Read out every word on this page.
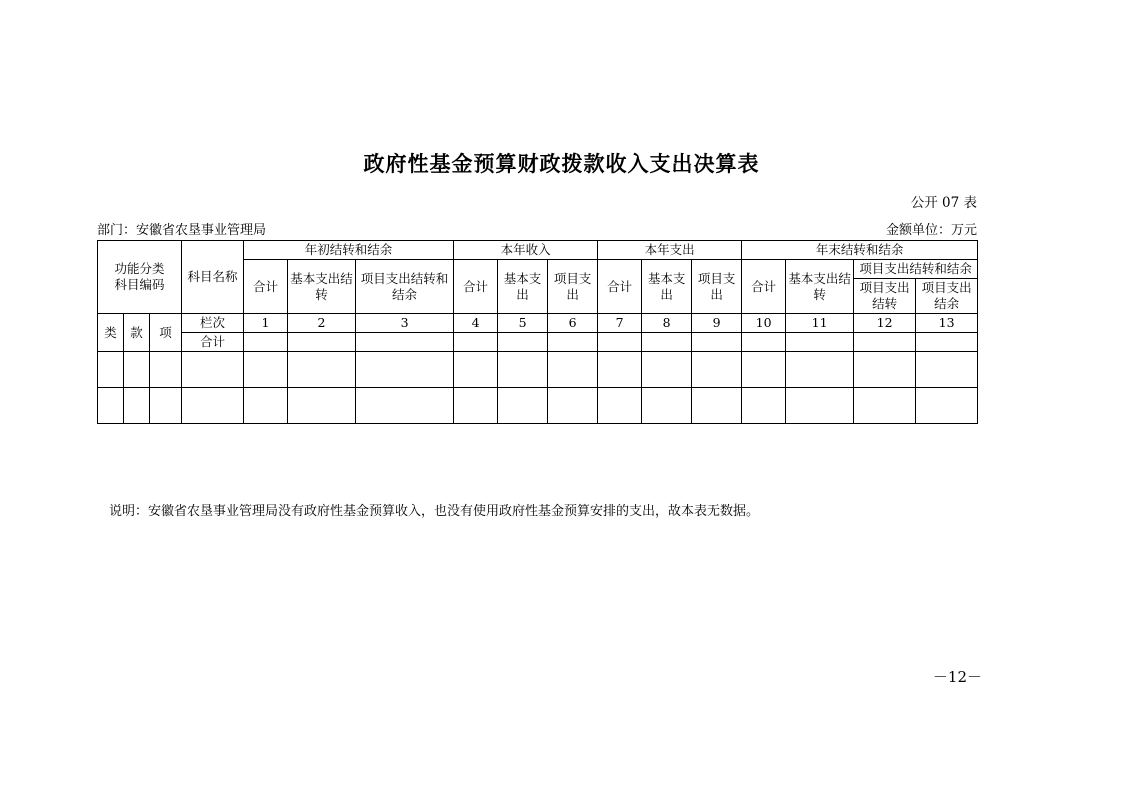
政府性基金预算财政拨款收入支出决算表
公开 07 表
部门：安徽省农垦事业管理局	金额单位：万元
功能分类
科目编码			科目名称	年初结转和结余			本年收入			本年支出			年末结转和结余			
				合计	基本支出结转	项目支出结转和结余	合计	基本支出	项目支出	合计	基本支出	项目支出	合计	基本支出结转	项目支出结转和结余	
															项目支出结转	项目支出结余
类	款	项	栏次	1	2	3	4	5	6	7	8	9	10	11	12	13
			合计													

说明：安徽省农垦事业管理局没有政府性基金预算收入，也没有使用政府性基金预算安排的支出，故本表无数据。
－12－
